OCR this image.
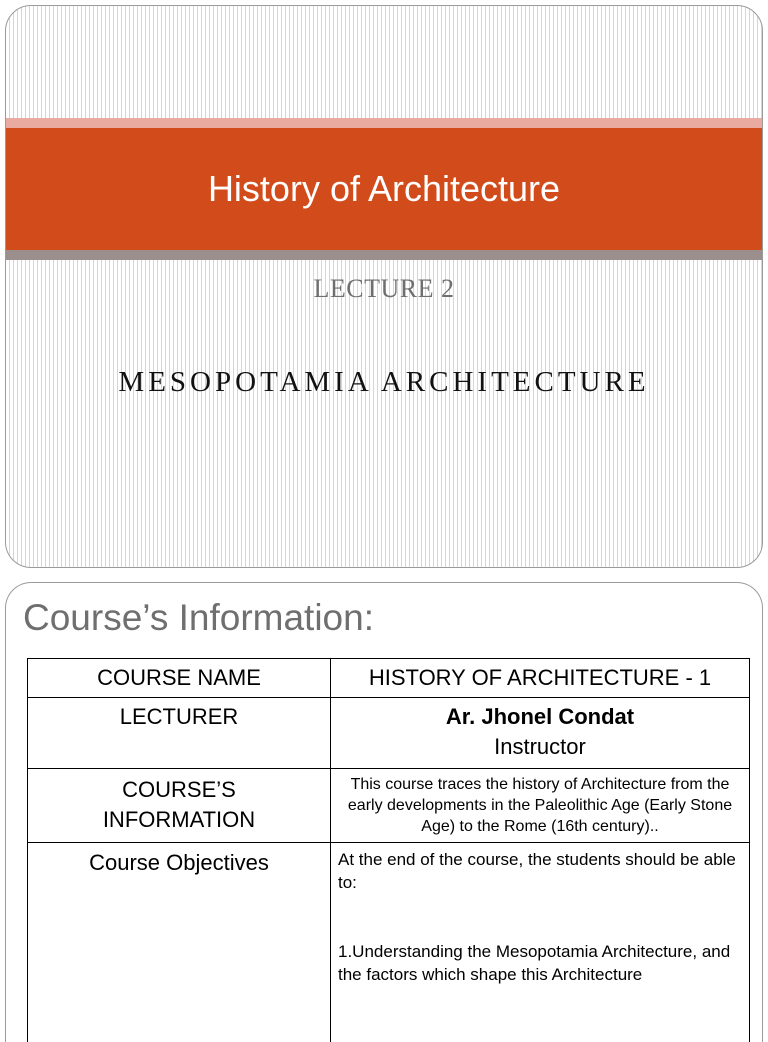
History of Architecture
LECTURE 2
MESOPOTAMIA ARCHITECTURE
Course’s Information:
COURSE NAME	HISTORY OF ARCHITECTURE - 1
LECTURER	Ar. Jhonel Condat
Instructor

COURSE’S
INFORMATION	This course traces the history of Architecture from the early developments in the Paleolithic Age (Early Stone Age) to the Rome (16th century)..
Course Objectives	At the end of the course, the students should be able to:
1.Understanding the Mesopotamia Architecture, and the factors which shape this Architecture
